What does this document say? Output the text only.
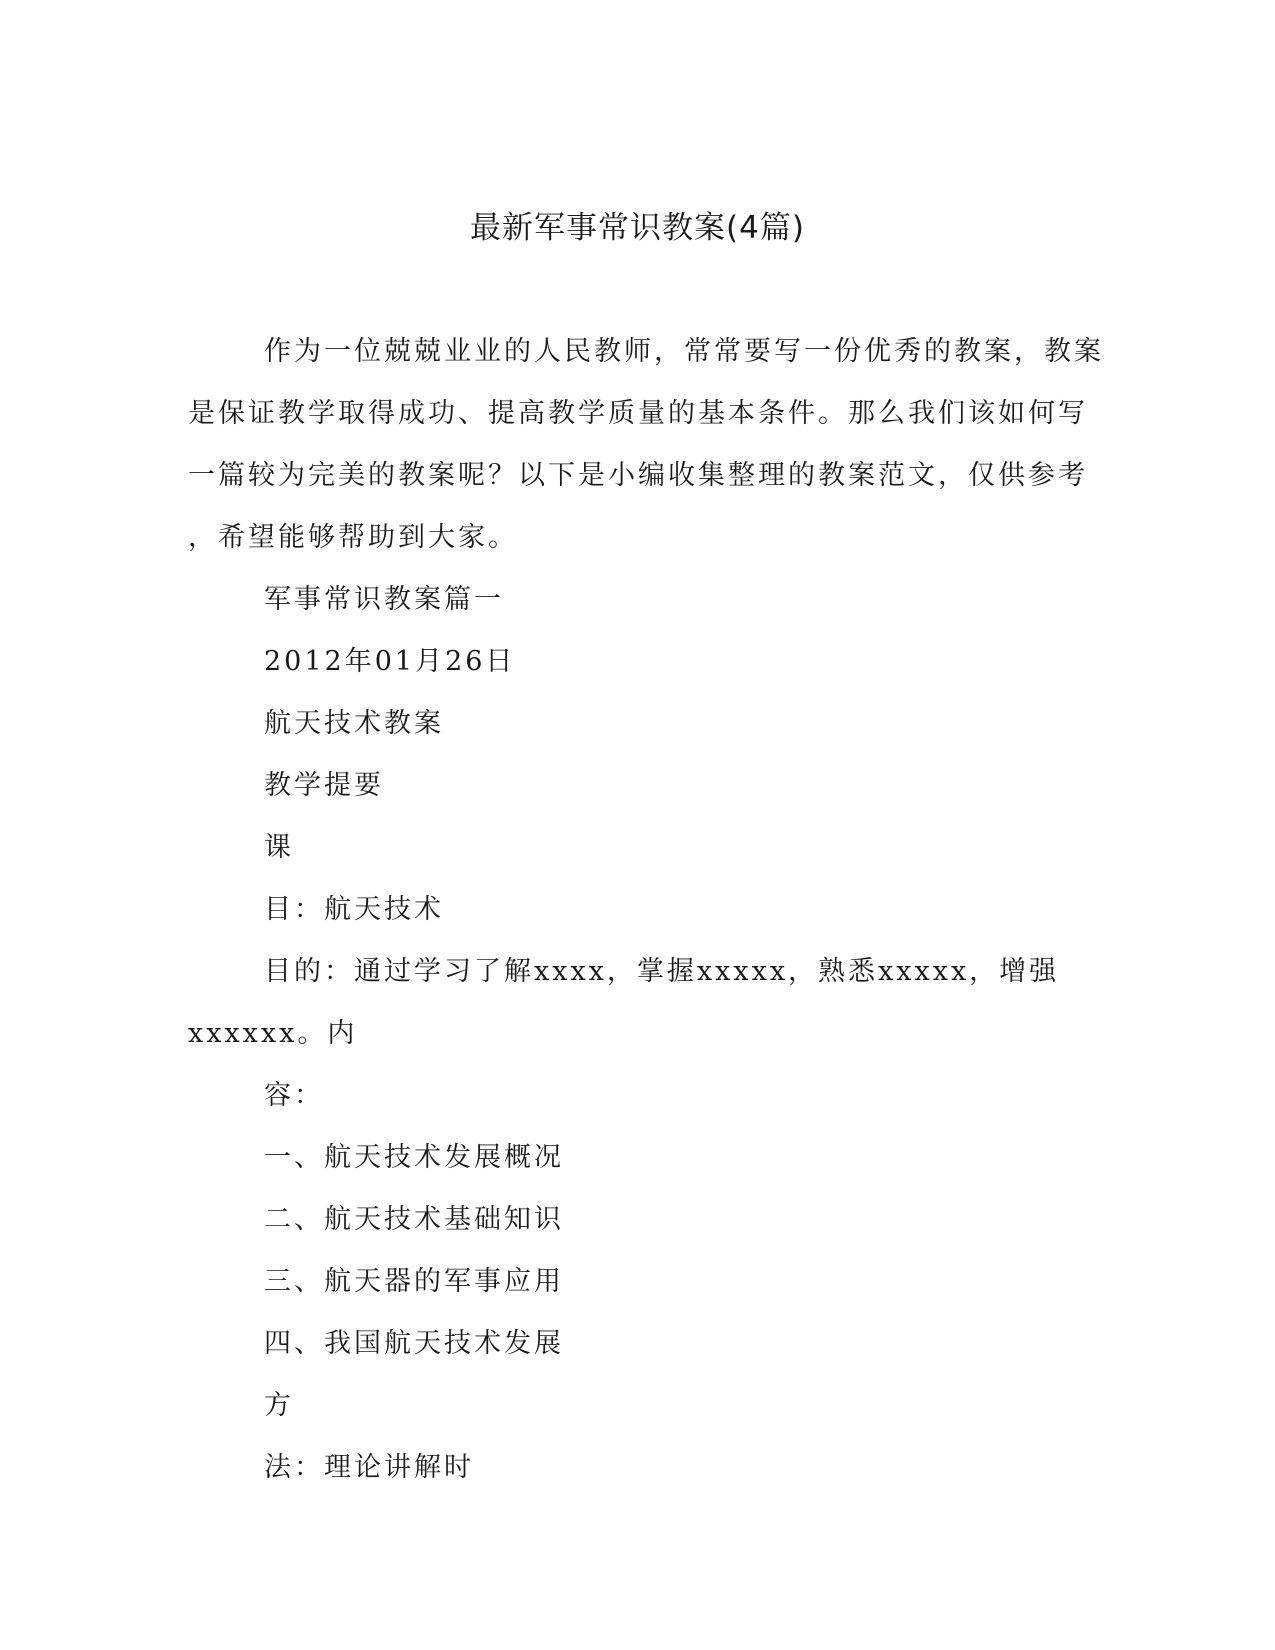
最新军事常识教案(4篇)
作为一位兢兢业业的人民教师，常常要写一份优秀的教案，教案
是保证教学取得成功、提高教学质量的基本条件。那么我们该如何写
一篇较为完美的教案呢？以下是小编收集整理的教案范文，仅供参考
，希望能够帮助到大家。
军事常识教案篇一
2012年01月26日
航天技术教案
教学提要
课
目：航天技术
目的：通过学习了解xxxx，掌握xxxxx，熟悉xxxxx，增强
xxxxxx。内
容：
一、航天技术发展概况
二、航天技术基础知识
三、航天器的军事应用
四、我国航天技术发展
方
法：理论讲解时
